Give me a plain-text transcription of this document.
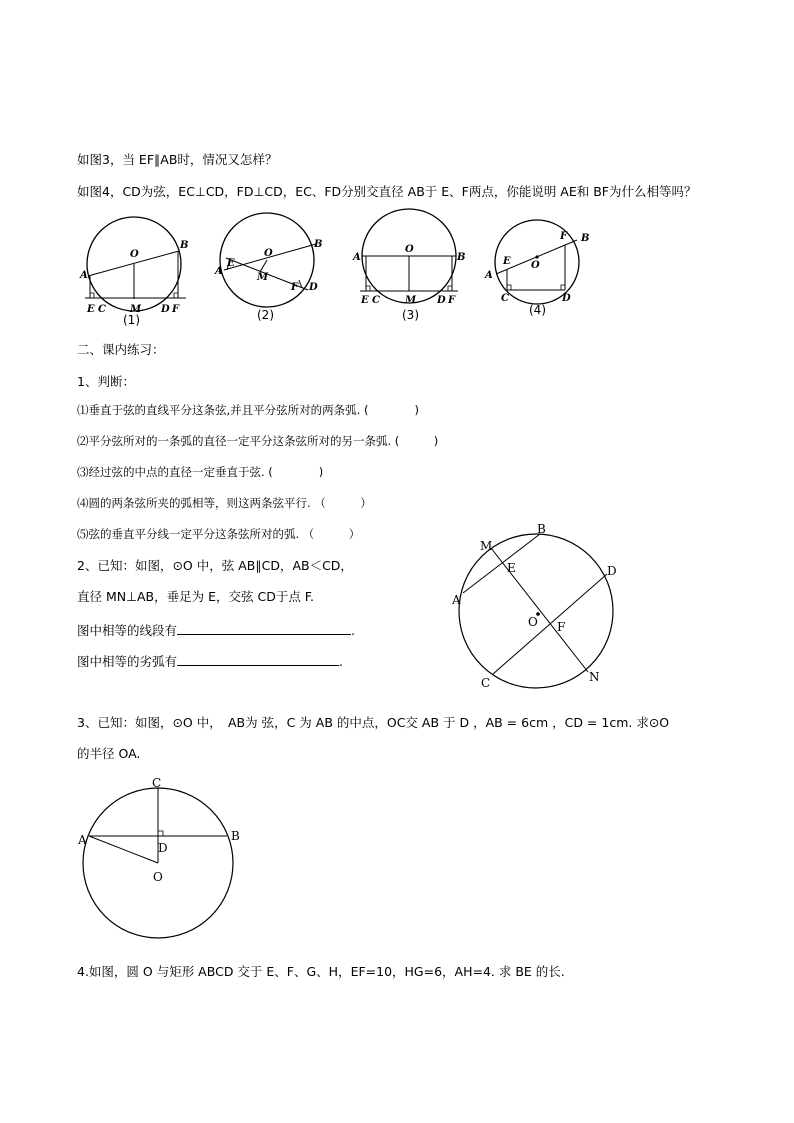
如图3，当 EF∥AB时，情况又怎样？
如图4，CD为弦，EC⊥CD，FD⊥CD，EC、FD分别交直径 AB于 E、F两点，你能说明 AE和 BF为什么相等吗？
O
A
B
E C M D F
(1)
O
A
B
E
M
F D
(2)
O
A	B
E C	M D F
(3)
F B
E O
A
C	D
(4)
二、课内练习：
1、判断：
⑴垂直于弦的直线平分这条弦,并且平分弦所对的两条弧. (　　　　)
⑵平分弦所对的一条弧的直径一定平分这条弦所对的另一条弧. (　　　)
⑶经过弦的中点的直径一定垂直于弦. (　　　　)
⑷圆的两条弦所夹的弧相等，则这两条弦平行. （　　　）
⑸弦的垂直平分线一定平分这条弦所对的弧. （　　　）
2、已知：如图，⊙O 中，弦 AB∥CD，AB＜CD，
直径 MN⊥AB，垂足为 E，交弦 CD于点 F.
图中相等的线段有	.
图中相等的劣弧有	.
B
M
E	D
A
O F
C	N
3、已知：如图，⊙O 中，　AB为 弦，C 为 AB 的中点，OC交 AB 于 D ，AB = 6cm ，CD = 1cm. 求⊙O
的半径 OA.
C
A	B
D
O
4.如图，圆 O 与矩形 ABCD 交于 E、F、G、H，EF=10，HG=6，AH=4. 求 BE 的长.
